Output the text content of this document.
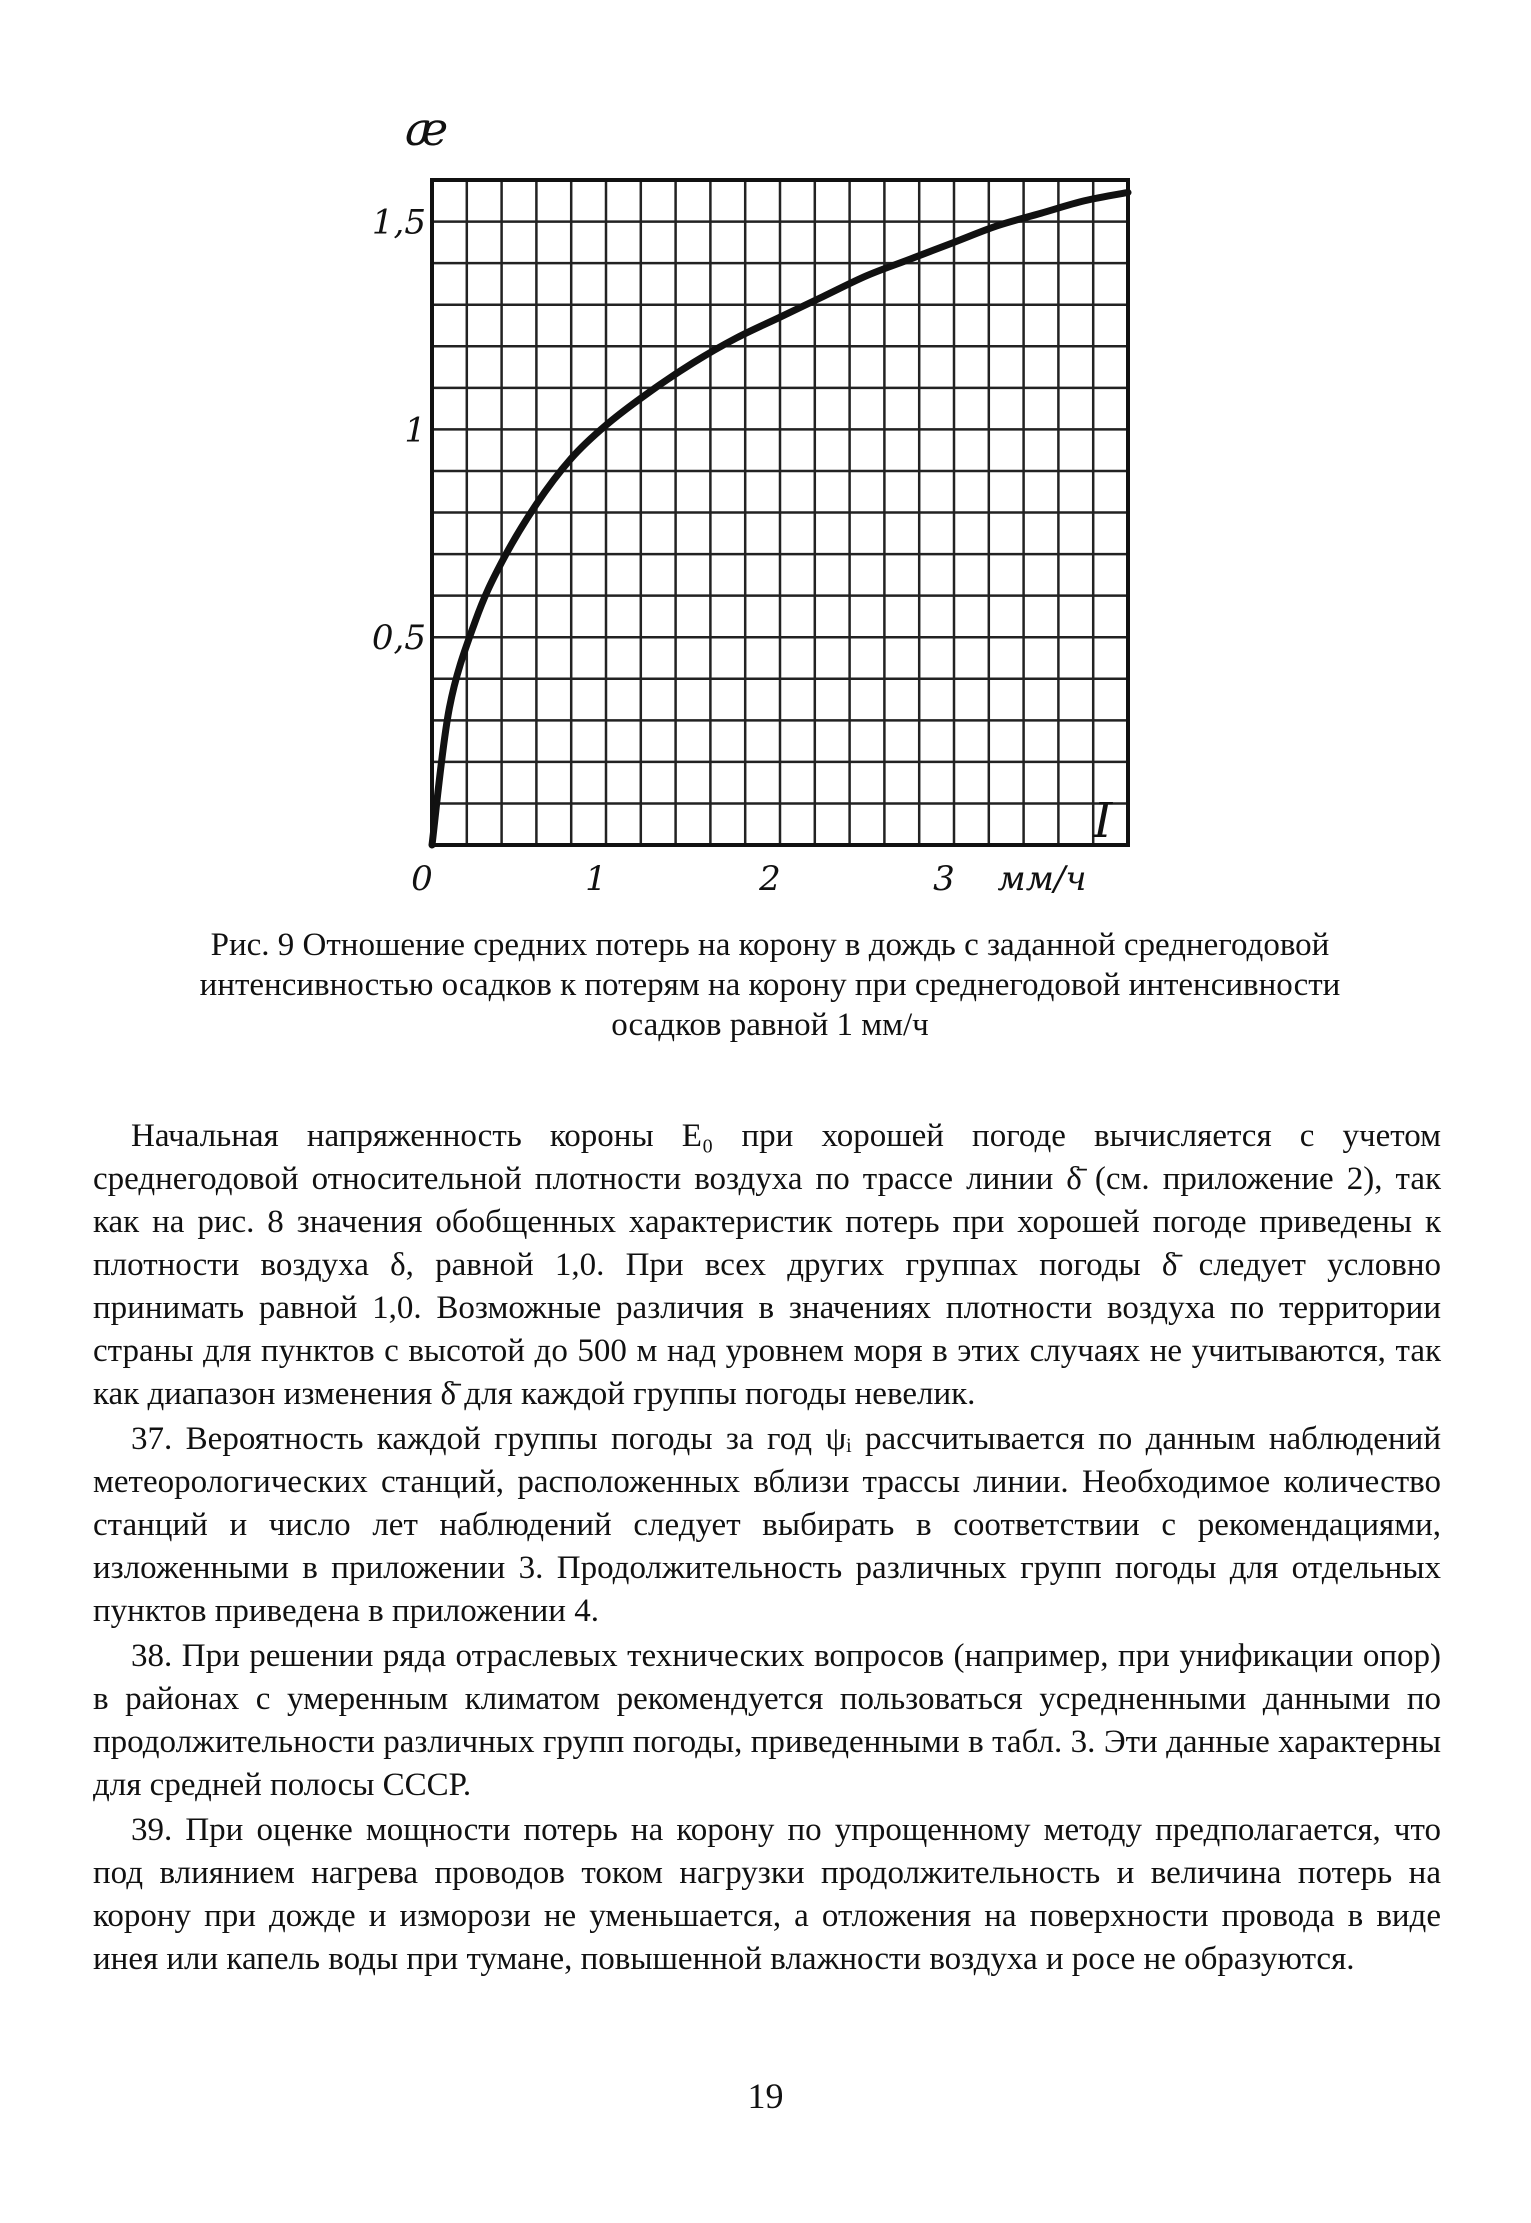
æ
0,5
1
1,5
0	1	2	3 мм/ч
I

Рис. 9 Отношение средних потерь на корону в дождь с заданной среднегодовой

интенсивностью осадков к потерям на корону при среднегодовой интенсивности

осадков равной 1 мм/ч

Начальная напряженность короны E₀ при хорошей погоде вычисляется с учетом среднегодовой относительной плотности воздуха по трассе линии δ̄ (см. приложение 2), так как на рис. 8 значения обобщенных характеристик потерь при хорошей погоде приведены к плотности воздуха δ, равной 1,0. При всех других группах погоды δ̄ следует условно принимать равной 1,0. Возможные различия в значениях плотности воздуха по территории страны для пунктов с высотой до 500 м над уровнем моря в этих случаях не учитываются, так как диапазон изменения δ̄ для каждой группы погоды невелик.

37. Вероятность каждой группы погоды за год ψᵢ рассчитывается по данным наблюдений метеорологических станций, расположенных вблизи трассы линии. Необходимое количество станций и число лет наблюдений следует выбирать в соответствии с рекомендациями, изложенными в приложении 3. Продолжительность различных групп погоды для отдельных пунктов приведена в приложении 4.

38. При решении ряда отраслевых технических вопросов (например, при унификации опор) в районах с умеренным климатом рекомендуется пользоваться усредненными данными по продолжительности различных групп погоды, приведенными в табл. 3. Эти данные характерны для средней полосы СССР.

39. При оценке мощности потерь на корону по упрощенному методу предполагается, что под влиянием нагрева проводов током нагрузки продолжительность и величина потерь на корону при дожде и изморози не уменьшается, а отложения на поверхности провода в виде инея или капель воды при тумане, повышенной влажности воздуха и росе не образуются.

19
